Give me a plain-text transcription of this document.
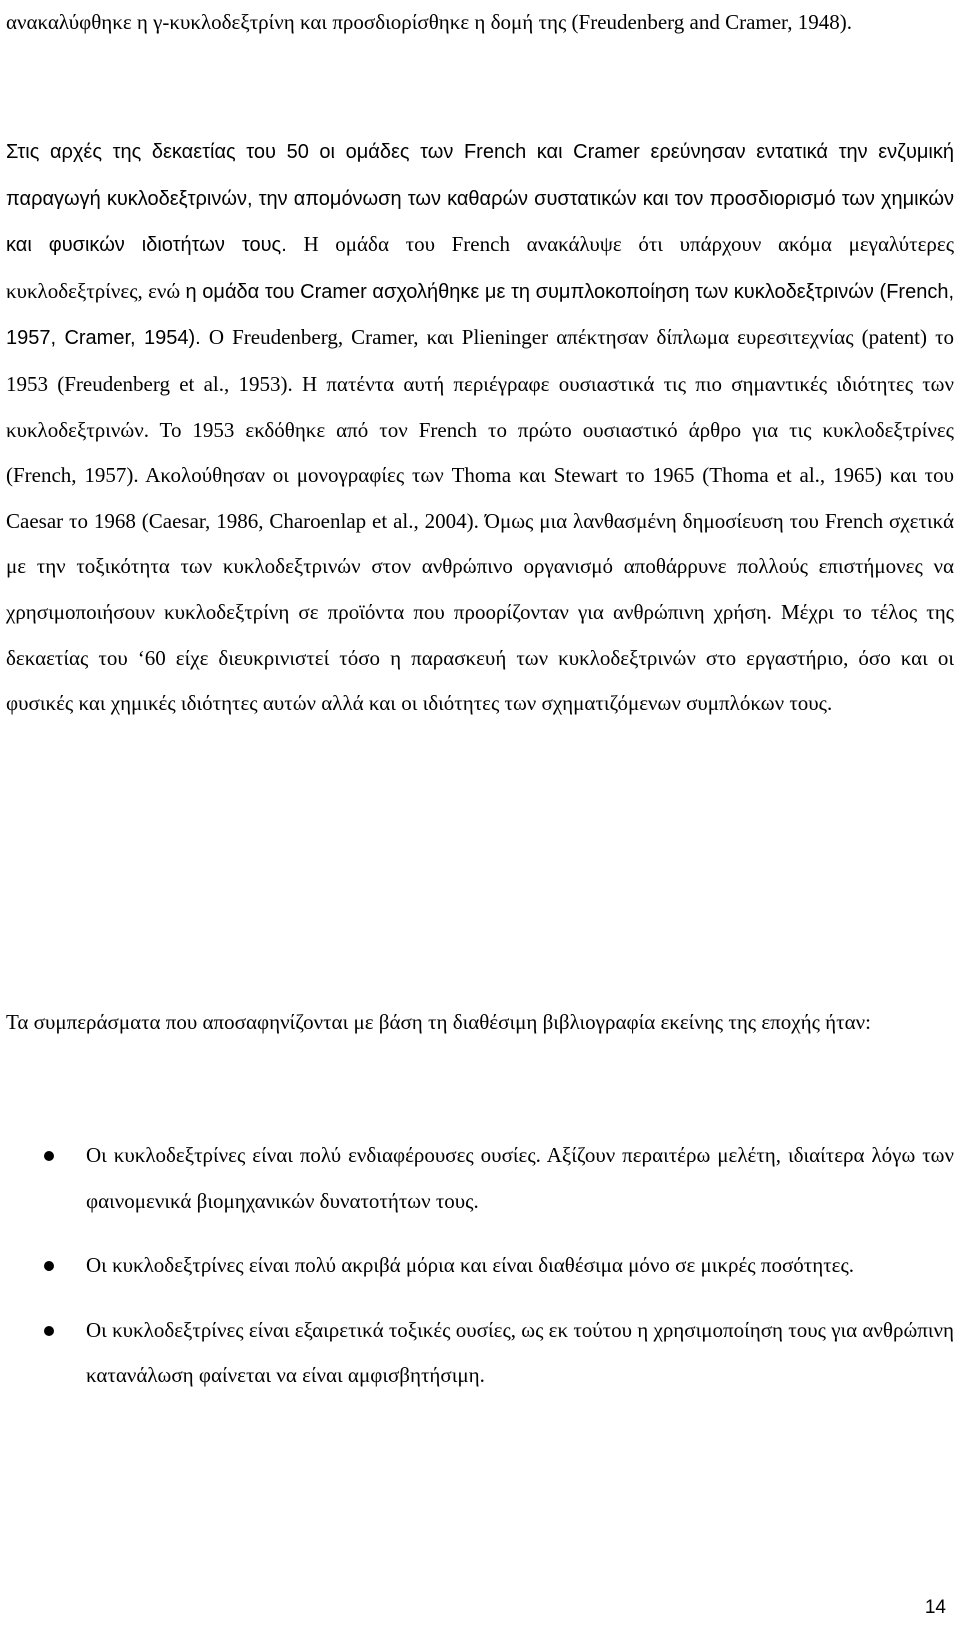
ανακαλύφθηκε η γ-κυκλοδεξτρίνη και προσδιορίσθηκε η δομή της (Freudenberg and Cramer, 1948).

Στις αρχές της δεκαετίας του 50 οι ομάδες των French και Cramer ερεύνησαν εντατικά την ενζυμική παραγωγή κυκλοδεξτρινών, την απομόνωση των καθαρών συστατικών και τον προσδιορισμό των χημικών και φυσικών ιδιοτήτων τους. Η ομάδα του French ανακάλυψε ότι υπάρχουν ακόμα μεγαλύτερες κυκλοδεξτρίνες, ενώ η ομάδα του Cramer ασχολήθηκε με τη συμπλοκοποίηση των κυκλοδεξτρινών (French, 1957, Cramer, 1954). Ο Freudenberg, Cramer, και Plieninger απέκτησαν δίπλωμα ευρεσιτεχνίας (patent) το 1953 (Freudenberg et al., 1953). Η πατέντα αυτή περιέγραφε ουσιαστικά τις πιο σημαντικές ιδιότητες των κυκλοδεξτρινών. Το 1953 εκδόθηκε από τον French το πρώτο ουσιαστικό άρθρο για τις κυκλοδεξτρίνες (French, 1957). Ακολούθησαν οι μονογραφίες των Thoma και Stewart το 1965 (Thoma et al., 1965) και του Caesar το 1968 (Caesar, 1986, Charoenlap et al., 2004). Όμως μια λανθασμένη δημοσίευση του French σχετικά με την τοξικότητα των κυκλοδεξτρινών στον ανθρώπινο οργανισμό αποθάρρυνε πολλούς επιστήμονες να χρησιμοποιήσουν κυκλοδεξτρίνη σε προϊόντα που προορίζονταν για ανθρώπινη χρήση. Μέχρι το τέλος της δεκαετίας του ‘60 είχε διευκρινιστεί τόσο η παρασκευή των κυκλοδεξτρινών στο εργαστήριο, όσο και οι φυσικές και χημικές ιδιότητες αυτών αλλά και οι ιδιότητες των σχηματιζόμενων συμπλόκων τους.

Τα συμπεράσματα που αποσαφηνίζονται με βάση τη διαθέσιμη βιβλιογραφία εκείνης της εποχής ήταν:

Οι κυκλοδεξτρίνες είναι πολύ ενδιαφέρουσες ουσίες. Αξίζουν περαιτέρω μελέτη, ιδιαίτερα λόγω των φαινομενικά βιομηχανικών δυνατοτήτων τους.

Οι κυκλοδεξτρίνες είναι πολύ ακριβά μόρια και είναι διαθέσιμα μόνο σε μικρές ποσότητες.

Οι κυκλοδεξτρίνες είναι εξαιρετικά τοξικές ουσίες, ως εκ τούτου η χρησιμοποίηση τους για ανθρώπινη κατανάλωση φαίνεται να είναι αμφισβητήσιμη.

14
